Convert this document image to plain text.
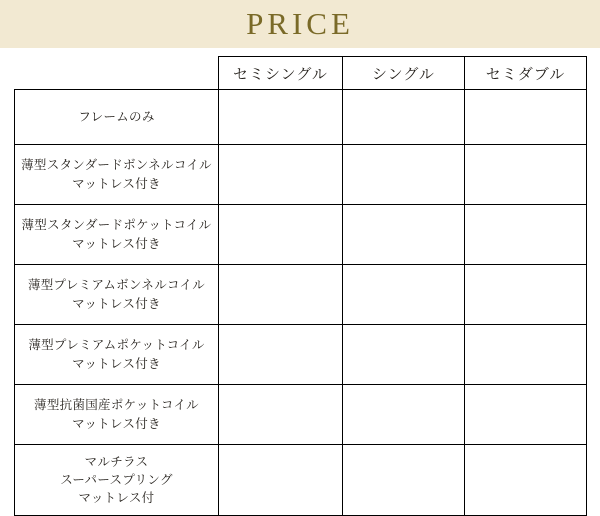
PRICE
	セミシングル	シングル	セミダブル

フレームのみ			

薄型スタンダードボンネルコイル
マットレス付き			

薄型スタンダードポケットコイル
マットレス付き			

薄型プレミアムボンネルコイル
マットレス付き			

薄型プレミアムポケットコイル
マットレス付き			

薄型抗菌国産ポケットコイル
マットレス付き			

マルチラス
スーパースプリング
マットレス付			
